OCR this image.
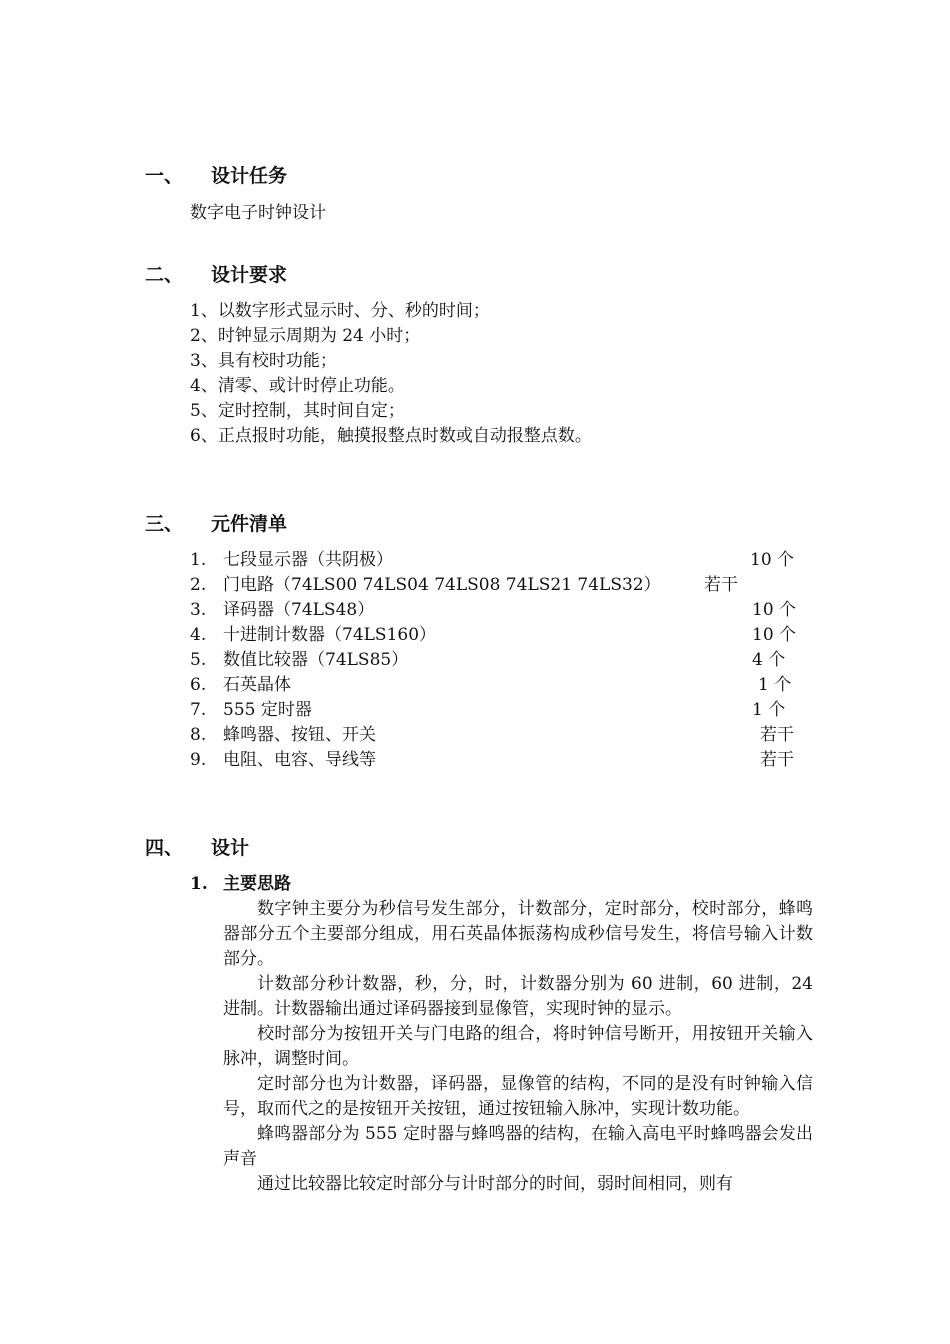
一、 设计任务
数字电子时钟设计
二、 设计要求
1、以数字形式显示时、分、秒的时间；
2、时钟显示周期为 24 小时；
3、具有校时功能；
4、清零、或计时停止功能。
5、定时控制，其时间自定；
6、正点报时功能，触摸报整点时数或自动报整点数。
三、 元件清单
1. 七段显示器（共阴极）	10 个
2. 门电路（74LS00 74LS04 74LS08 74LS21 74LS32）	若干
3. 译码器（74LS48）	10 个
4. 十进制计数器（74LS160）	10 个
5. 数值比较器（74LS85）	4 个
6. 石英晶体	1 个
7. 555 定时器	1 个
8. 蜂鸣器、按钮、开关	若干
9. 电阻、电容、导线等	若干
四、 设计
1. 主要思路

数字钟主要分为秒信号发生部分，计数部分，定时部分，校时部分，蜂鸣器部分五个主要部分组成，用石英晶体振荡构成秒信号发生，将信号输入计数部分。

计数部分秒计数器，秒，分，时，计数器分别为 60 进制，60 进制，24 进制。计数器输出通过译码器接到显像管，实现时钟的显示。

校时部分为按钮开关与门电路的组合，将时钟信号断开，用按钮开关输入脉冲，调整时间。

定时部分也为计数器，译码器，显像管的结构，不同的是没有时钟输入信号，取而代之的是按钮开关按钮，通过按钮输入脉冲，实现计数功能。

蜂鸣器部分为 555 定时器与蜂鸣器的结构，在输入高电平时蜂鸣器会发出声音

通过比较器比较定时部分与计时部分的时间，弱时间相同，则有
